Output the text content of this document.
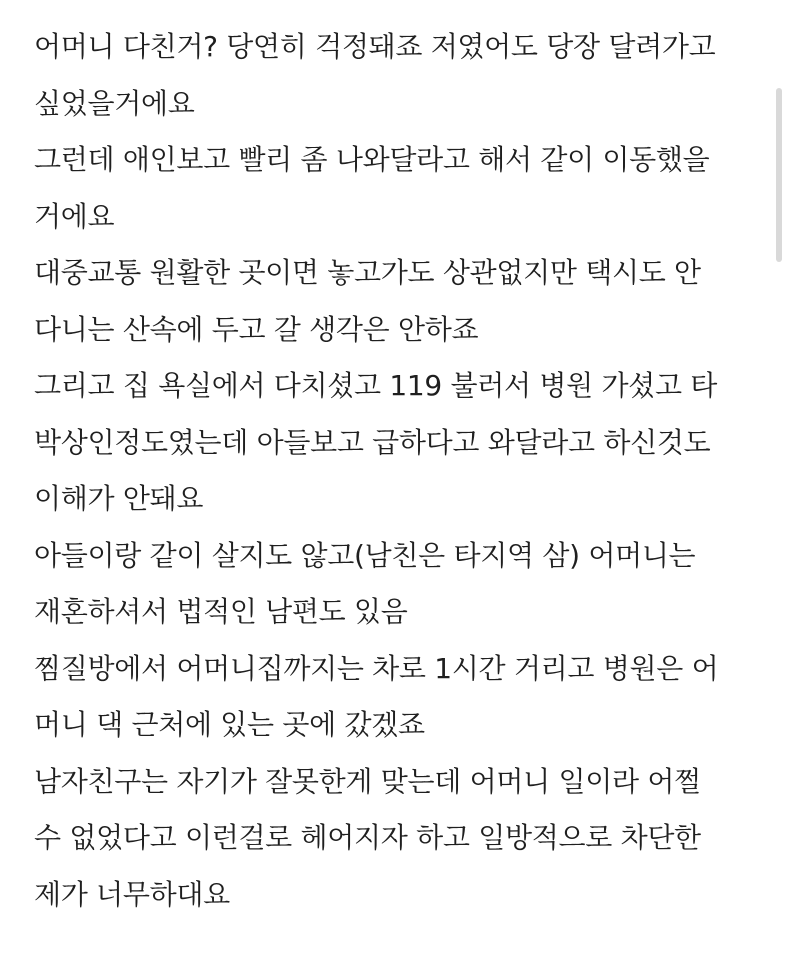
어머니 다친거? 당연히 걱정돼죠 저였어도 당장 달려가고
싶었을거에요
그런데 애인보고 빨리 좀 나와달라고 해서 같이 이동했을
거에요
대중교통 원활한 곳이면 놓고가도 상관없지만 택시도 안
다니는 산속에 두고 갈 생각은 안하죠
그리고 집 욕실에서 다치셨고 119 불러서 병원 가셨고 타
박상인정도였는데 아들보고 급하다고 와달라고 하신것도
이해가 안돼요
아들이랑 같이 살지도 않고(남친은 타지역 삼) 어머니는
재혼하셔서 법적인 남편도 있음
찜질방에서 어머니집까지는 차로 1시간 거리고 병원은 어
머니 댁 근처에 있는 곳에 갔겠죠
남자친구는 자기가 잘못한게 맞는데 어머니 일이라 어쩔
수 없었다고 이런걸로 헤어지자 하고 일방적으로 차단한
제가 너무하대요
